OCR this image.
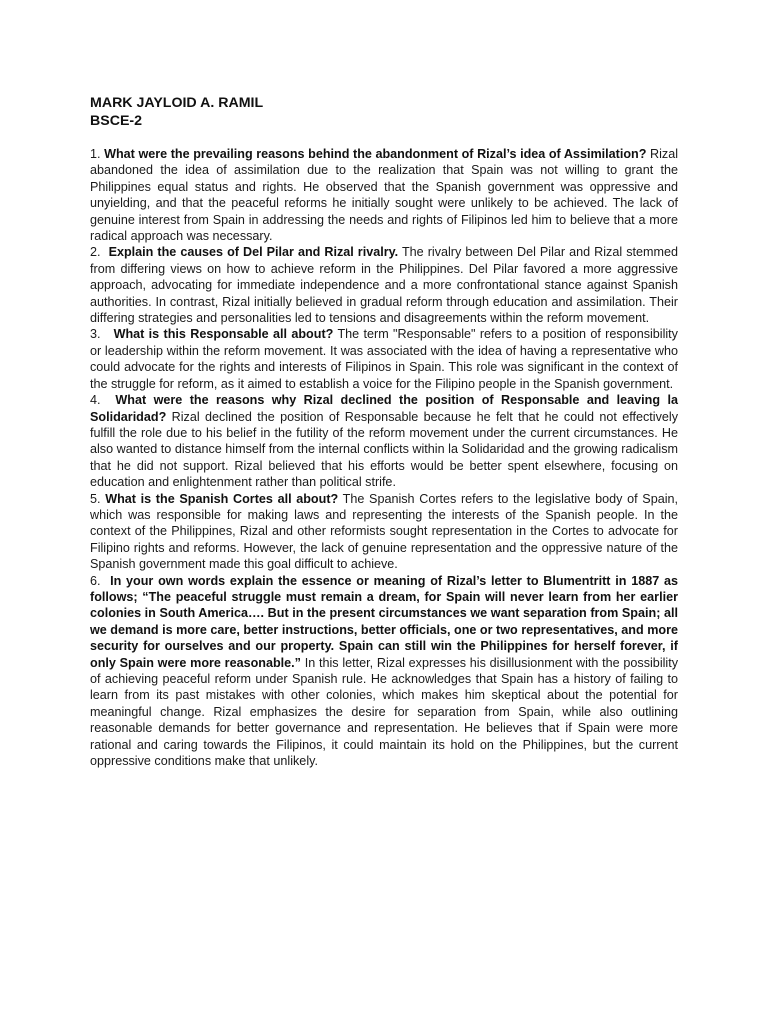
MARK JAYLOID A. RAMIL
BSCE-2

1. What were the prevailing reasons behind the abandonment of Rizal’s idea of Assimilation? Rizal abandoned the idea of assimilation due to the realization that Spain was not willing to grant the Philippines equal status and rights. He observed that the Spanish government was oppressive and unyielding, and that the peaceful reforms he initially sought were unlikely to be achieved. The lack of genuine interest from Spain in addressing the needs and rights of Filipinos led him to believe that a more radical approach was necessary.

2. Explain the causes of Del Pilar and Rizal rivalry. The rivalry between Del Pilar and Rizal stemmed from differing views on how to achieve reform in the Philippines. Del Pilar favored a more aggressive approach, advocating for immediate independence and a more confrontational stance against Spanish authorities. In contrast, Rizal initially believed in gradual reform through education and assimilation. Their differing strategies and personalities led to tensions and disagreements within the reform movement.

3. What is this Responsable all about? The term "Responsable" refers to a position of responsibility or leadership within the reform movement. It was associated with the idea of having a representative who could advocate for the rights and interests of Filipinos in Spain. This role was significant in the context of the struggle for reform, as it aimed to establish a voice for the Filipino people in the Spanish government.

4. What were the reasons why Rizal declined the position of Responsable and leaving la Solidaridad? Rizal declined the position of Responsable because he felt that he could not effectively fulfill the role due to his belief in the futility of the reform movement under the current circumstances. He also wanted to distance himself from the internal conflicts within la Solidaridad and the growing radicalism that he did not support. Rizal believed that his efforts would be better spent elsewhere, focusing on education and enlightenment rather than political strife.

5. What is the Spanish Cortes all about? The Spanish Cortes refers to the legislative body of Spain, which was responsible for making laws and representing the interests of the Spanish people. In the context of the Philippines, Rizal and other reformists sought representation in the Cortes to advocate for Filipino rights and reforms. However, the lack of genuine representation and the oppressive nature of the Spanish government made this goal difficult to achieve.

6. In your own words explain the essence or meaning of Rizal’s letter to Blumentritt in 1887 as follows; “The peaceful struggle must remain a dream, for Spain will never learn from her earlier colonies in South America…. But in the present circumstances we want separation from Spain; all we demand is more care, better instructions, better officials, one or two representatives, and more security for ourselves and our property. Spain can still win the Philippines for herself forever, if only Spain were more reasonable.” In this letter, Rizal expresses his disillusionment with the possibility of achieving peaceful reform under Spanish rule. He acknowledges that Spain has a history of failing to learn from its past mistakes with other colonies, which makes him skeptical about the potential for meaningful change. Rizal emphasizes the desire for separation from Spain, while also outlining reasonable demands for better governance and representation. He believes that if Spain were more rational and caring towards the Filipinos, it could maintain its hold on the Philippines, but the current oppressive conditions make that unlikely.
